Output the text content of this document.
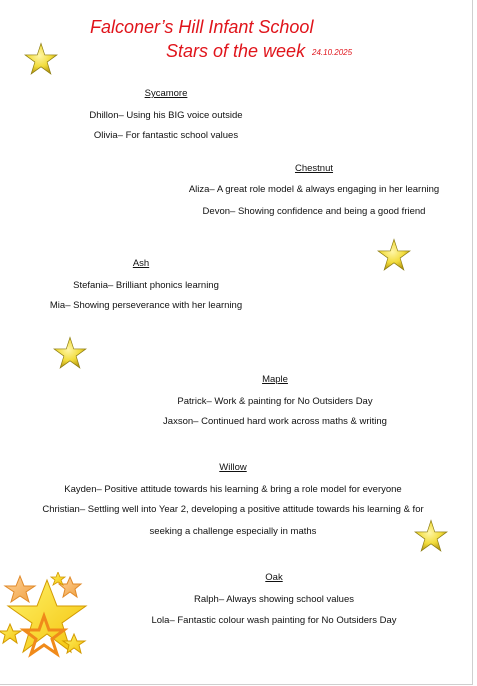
Falconer’s Hill Infant School
Stars of the week 24.10.2025
Sycamore
Dhillon– Using his BIG voice outside
Olivia– For fantastic school values
Chestnut
Aliza– A great role model & always engaging in her learning
Devon– Showing confidence and being a good friend
Ash
Stefania– Brilliant phonics learning
Mia– Showing perseverance with her learning
Maple
Patrick– Work & painting for No Outsiders Day
Jaxson– Continued hard work across maths & writing
Willow
Kayden– Positive attitude towards his learning & bring a role model for everyone
Christian– Settling well into Year 2, developing a positive attitude towards his learning & for
seeking a challenge especially in maths
Oak
Ralph– Always showing school values
Lola– Fantastic colour wash painting for No Outsiders Day
